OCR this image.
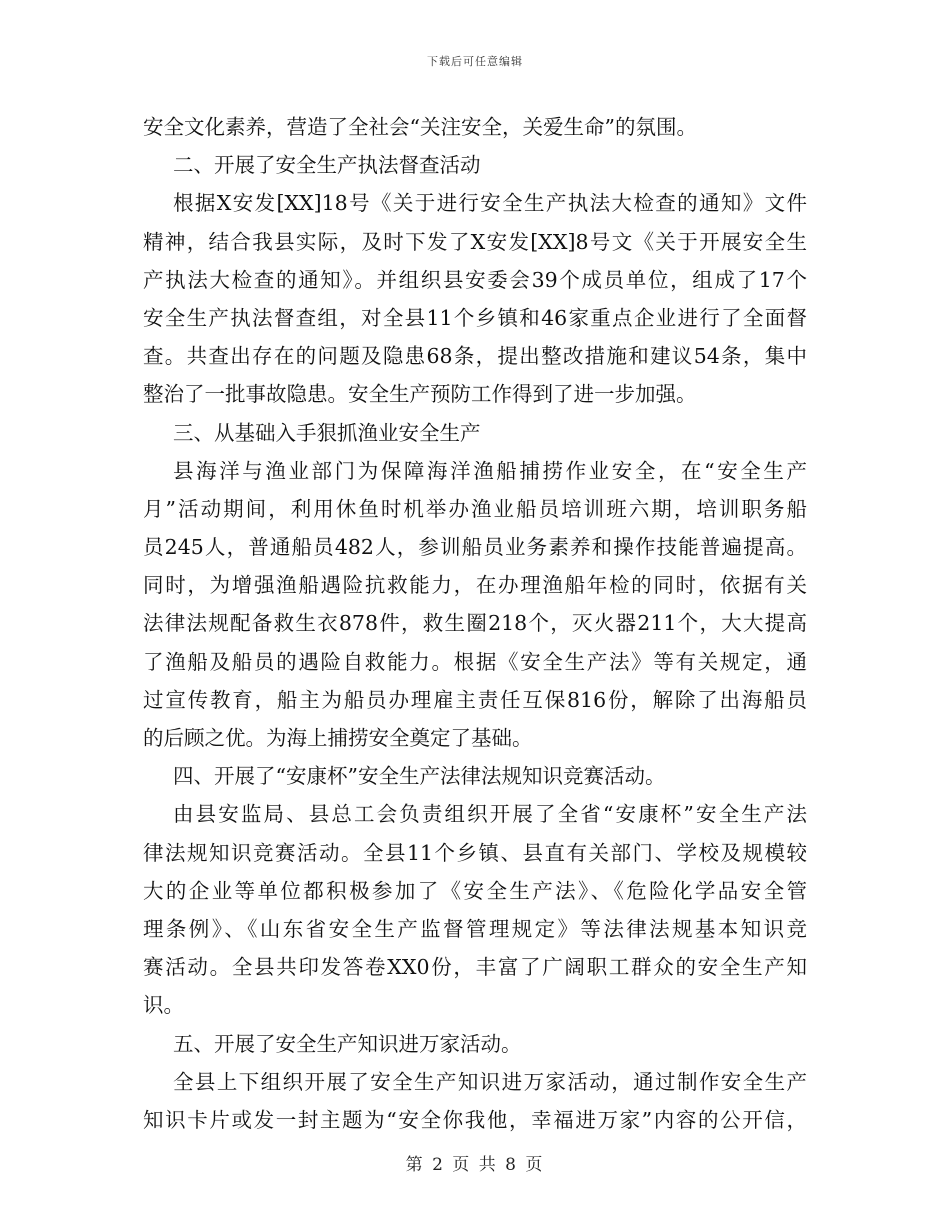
下载后可任意编辑
安全文化素养，营造了全社会“关注安全，关爱生命”的氛围。
二、开展了安全生产执法督查活动
根据X安发[XX]18号《关于进行安全生产执法大检查的通知》文件
精神，结合我县实际，及时下发了X安发[XX]8号文《关于开展安全生
产执法大检查的通知》。并组织县安委会39个成员单位，组成了17个
安全生产执法督查组，对全县11个乡镇和46家重点企业进行了全面督
查。共查出存在的问题及隐患68条，提出整改措施和建议54条，集中
整治了一批事故隐患。安全生产预防工作得到了进一步加强。
三、从基础入手狠抓渔业安全生产
县海洋与渔业部门为保障海洋渔船捕捞作业安全，在“安全生产
月”活动期间，利用休鱼时机举办渔业船员培训班六期，培训职务船
员245人，普通船员482人，参训船员业务素养和操作技能普遍提高。
同时，为增强渔船遇险抗救能力，在办理渔船年检的同时，依据有关
法律法规配备救生衣878件，救生圈218个，灭火器211个，大大提高
了渔船及船员的遇险自救能力。根据《安全生产法》等有关规定，通
过宣传教育，船主为船员办理雇主责任互保816份，解除了出海船员
的后顾之优。为海上捕捞安全奠定了基础。
四、开展了“安康杯”安全生产法律法规知识竞赛活动。
由县安监局、县总工会负责组织开展了全省“安康杯”安全生产法
律法规知识竞赛活动。全县11个乡镇、县直有关部门、学校及规模较
大的企业等单位都积极参加了《安全生产法》、《危险化学品安全管
理条例》、《山东省安全生产监督管理规定》等法律法规基本知识竞
赛活动。全县共印发答卷XX0份，丰富了广阔职工群众的安全生产知
识。
五、开展了安全生产知识进万家活动。
全县上下组织开展了安全生产知识进万家活动，通过制作安全生产
知识卡片或发一封主题为“安全你我他，幸福进万家”内容的公开信，
第 2 页 共 8 页
